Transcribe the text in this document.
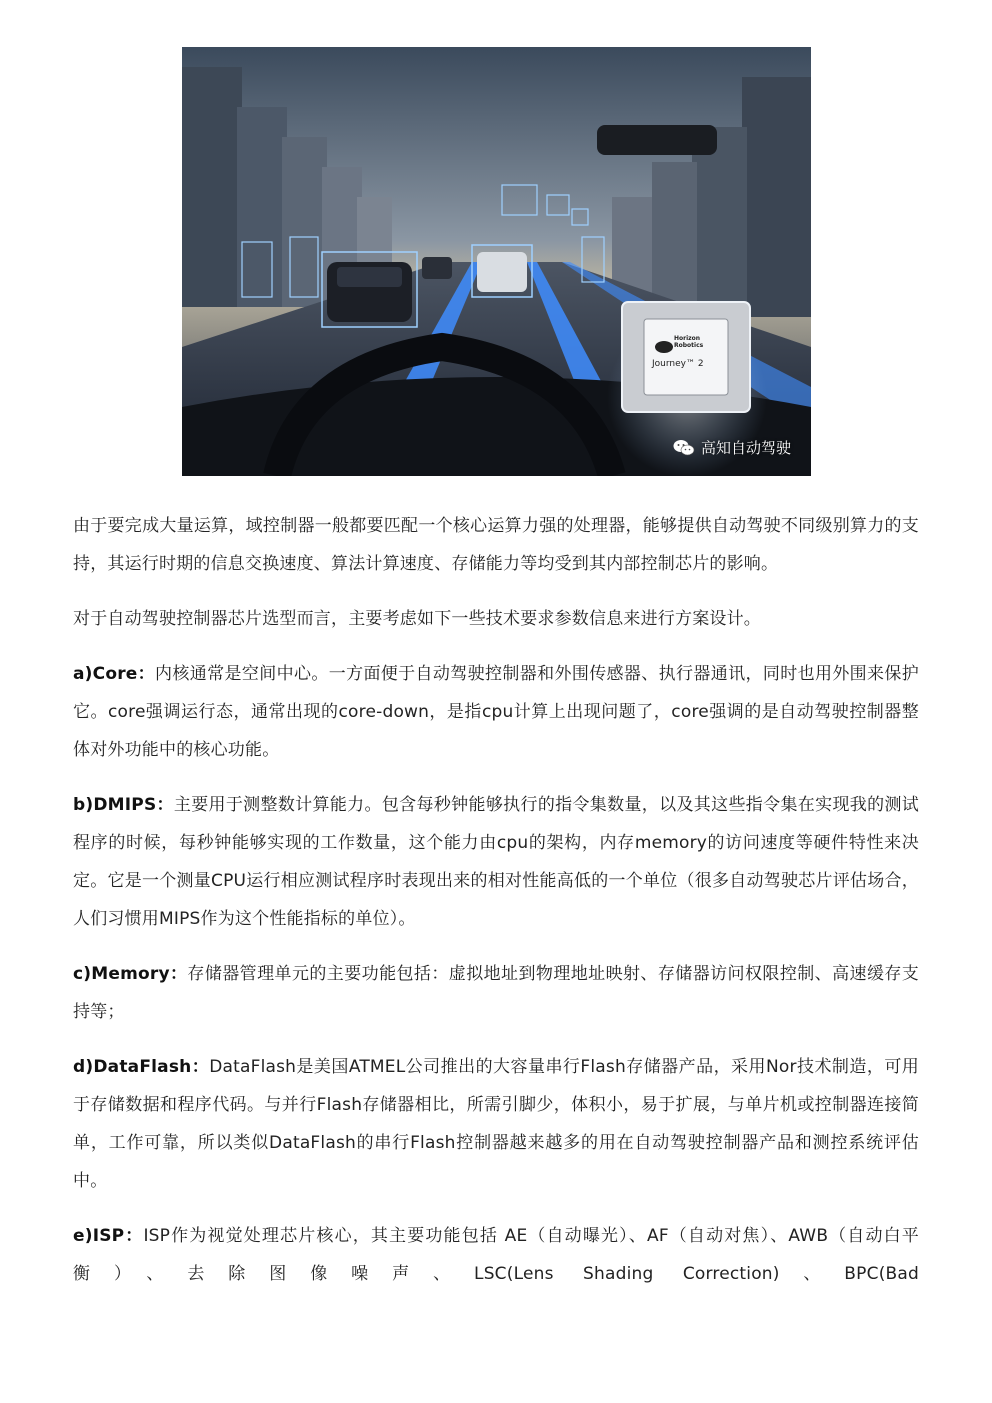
Horizon
Robotics
Journey™ 2
高知自动驾驶

由于要完成大量运算，域控制器一般都要匹配一个核心运算力强的处理器，能够提供自动驾驶不同级别算力的支持，其运行时期的信息交换速度、算法计算速度、存储能力等均受到其内部控制芯片的影响。

对于自动驾驶控制器芯片选型而言，主要考虑如下一些技术要求参数信息来进行方案设计。

a)Core：内核通常是空间中心。一方面便于自动驾驶控制器和外围传感器、执行器通讯，同时也用外围来保护它。core强调运行态，通常出现的core-down，是指cpu计算上出现问题了，core强调的是自动驾驶控制器整体对外功能中的核心功能。

b)DMIPS：主要用于测整数计算能力。包含每秒钟能够执行的指令集数量，以及其这些指令集在实现我的测试程序的时候，每秒钟能够实现的工作数量，这个能力由cpu的架构，内存memory的访问速度等硬件特性来决定。它是一个测量CPU运行相应测试程序时表现出来的相对性能高低的一个单位（很多自动驾驶芯片评估场合，人们习惯用MIPS作为这个性能指标的单位）。

c)Memory：存储器管理单元的主要功能包括：虚拟地址到物理地址映射、存储器访问权限控制、高速缓存支持等；

d)DataFlash：DataFlash是美国ATMEL公司推出的大容量串行Flash存储器产品，采用Nor技术制造，可用于存储数据和程序代码。与并行Flash存储器相比，所需引脚少，体积小，易于扩展，与单片机或控制器连接简单，工作可靠，所以类似DataFlash的串行Flash控制器越来越多的用在自动驾驶控制器产品和测控系统评估中。

e)ISP：ISP作为视觉处理芯片核心，其主要功能包括 AE（自动曝光）、AF（自动对焦）、AWB（自动白平衡）、去除图像噪声、LSC(Lens Shading Correction)、BPC(Bad
